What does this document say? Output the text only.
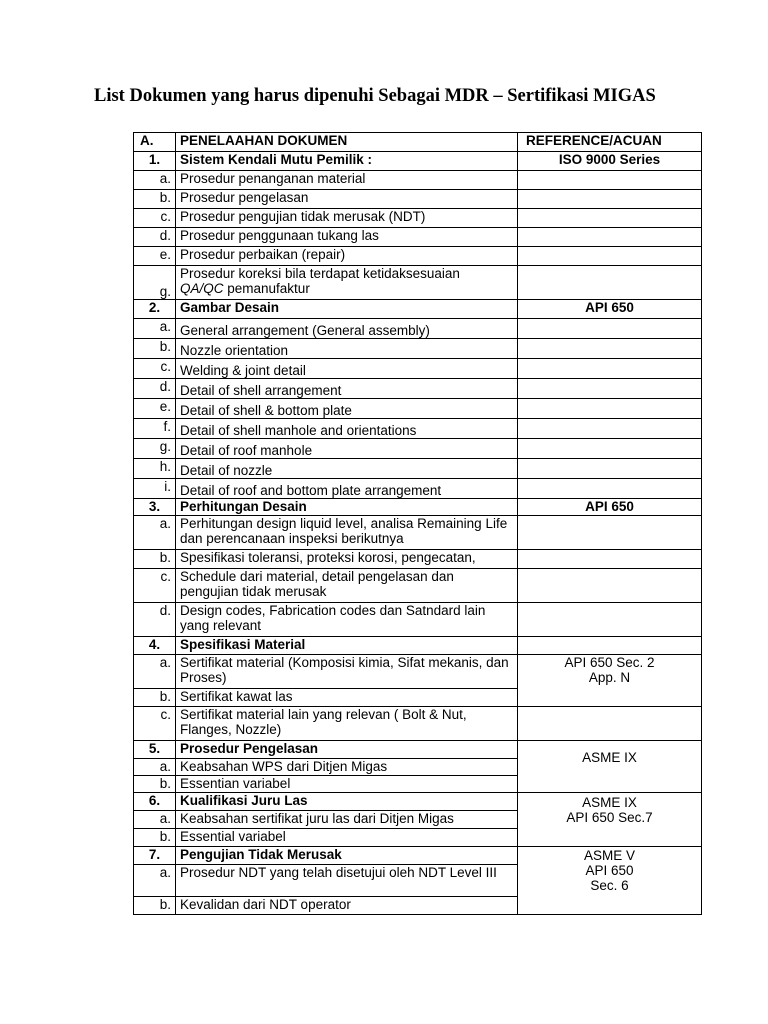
List Dokumen yang harus dipenuhi Sebagai MDR – Sertifikasi MIGAS
A.	PENELAAHAN DOKUMEN	REFERENCE/ACUAN
1.	Sistem Kendali Mutu Pemilik :	ISO 9000 Series
a.	Prosedur penanganan material	
b.	Prosedur pengelasan	
c.	Prosedur pengujian tidak merusak (NDT)	
d.	Prosedur penggunaan tukang las	
e.	Prosedur perbaikan (repair)	
g.	Prosedur koreksi bila terdapat ketidaksesuaian
QA/QC pemanufaktur	

2.	Gambar Desain	API 650
a.	General arrangement (General assembly)	
b.	Nozzle orientation	
c.	Welding & joint detail	
d.	Detail of shell arrangement	
e.	Detail of shell & bottom plate	
f.	Detail of shell manhole and orientations	
g.	Detail of roof manhole	
h.	Detail of nozzle	
i.	Detail of roof and bottom plate arrangement	
3.	Perhitungan Desain	API 650
a.	Perhitungan design liquid level, analisa Remaining Life dan perencanaan inspeksi berikutnya	
b.	Spesifikasi toleransi, proteksi korosi, pengecatan,	
c.	Schedule dari material, detail pengelasan dan pengujian tidak merusak	
d.	Design codes, Fabrication codes dan Satndard lain yang relevant	
4.	Spesifikasi Material	
a.	Sertifikat material (Komposisi kimia, Sifat mekanis, dan Proses)	API 650 Sec. 2
App. N

b.	Sertifikat kawat las	
c.	Sertifikat material lain yang relevan ( Bolt & Nut, Flanges, Nozzle)	
5.	Prosedur Pengelasan	ASME IX

a.	Keabsahan WPS dari Ditjen Migas	
b.	Essentian variabel	
6.	Kualifikasi Juru Las	ASME IX
API 650 Sec.7

a.	Keabsahan sertifikat juru las dari Ditjen Migas	
b.	Essential variabel	
7.	Pengujian Tidak Merusak	ASME V
API 650
Sec. 6

a.	Prosedur NDT yang telah disetujui oleh NDT Level III	
b.	Kevalidan dari NDT operator	
